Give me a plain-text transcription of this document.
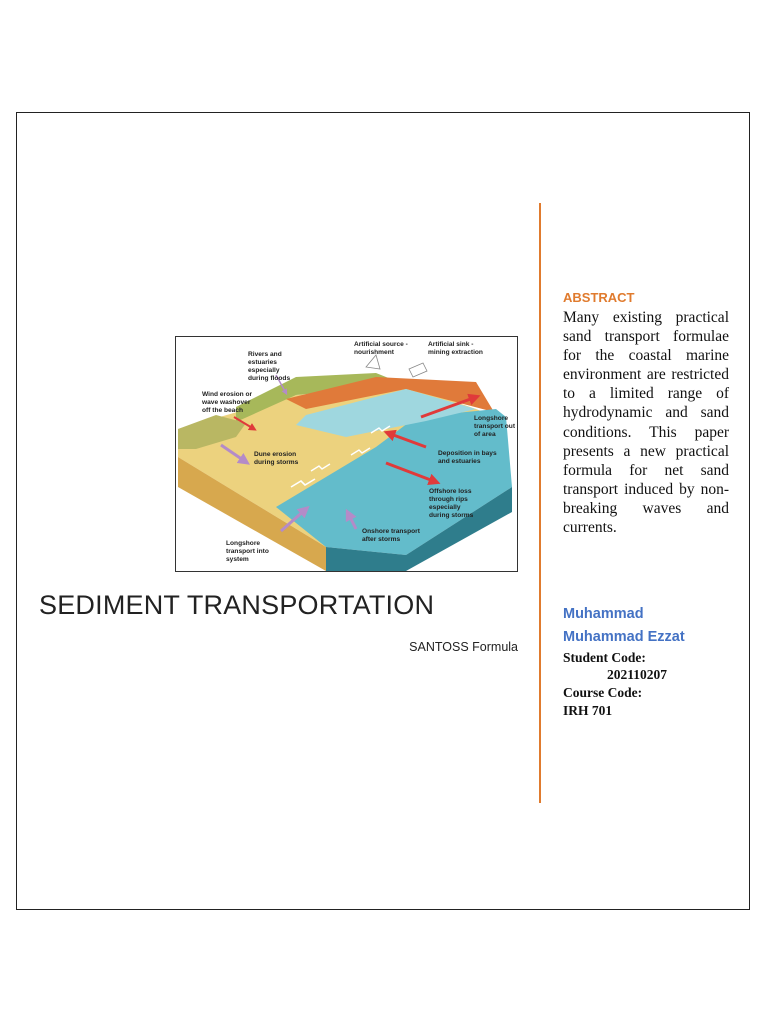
Rivers and estuaries especially during floods
Artificial source - nourishment
Artificial sink - mining extraction
Wind erosion or wave washover off the beach
Longshore transport out of area
Dune erosion during storms
Deposition in bays and estuaries
Offshore loss through rips especially during storms
Longshore transport into system
Onshore transport after storms
SEDIMENT TRANSPORTATION
SANTOSS Formula
ABSTRACT
Many existing practical sand transport formulae for the coastal marine environment are restricted to a limited range of hydrodynamic and sand conditions. This paper presents a new practical formula for net sand transport induced by non-breaking waves and currents.
Muhammad
Muhammad Ezzat
Student Code:
202110207
Course Code:
IRH 701
